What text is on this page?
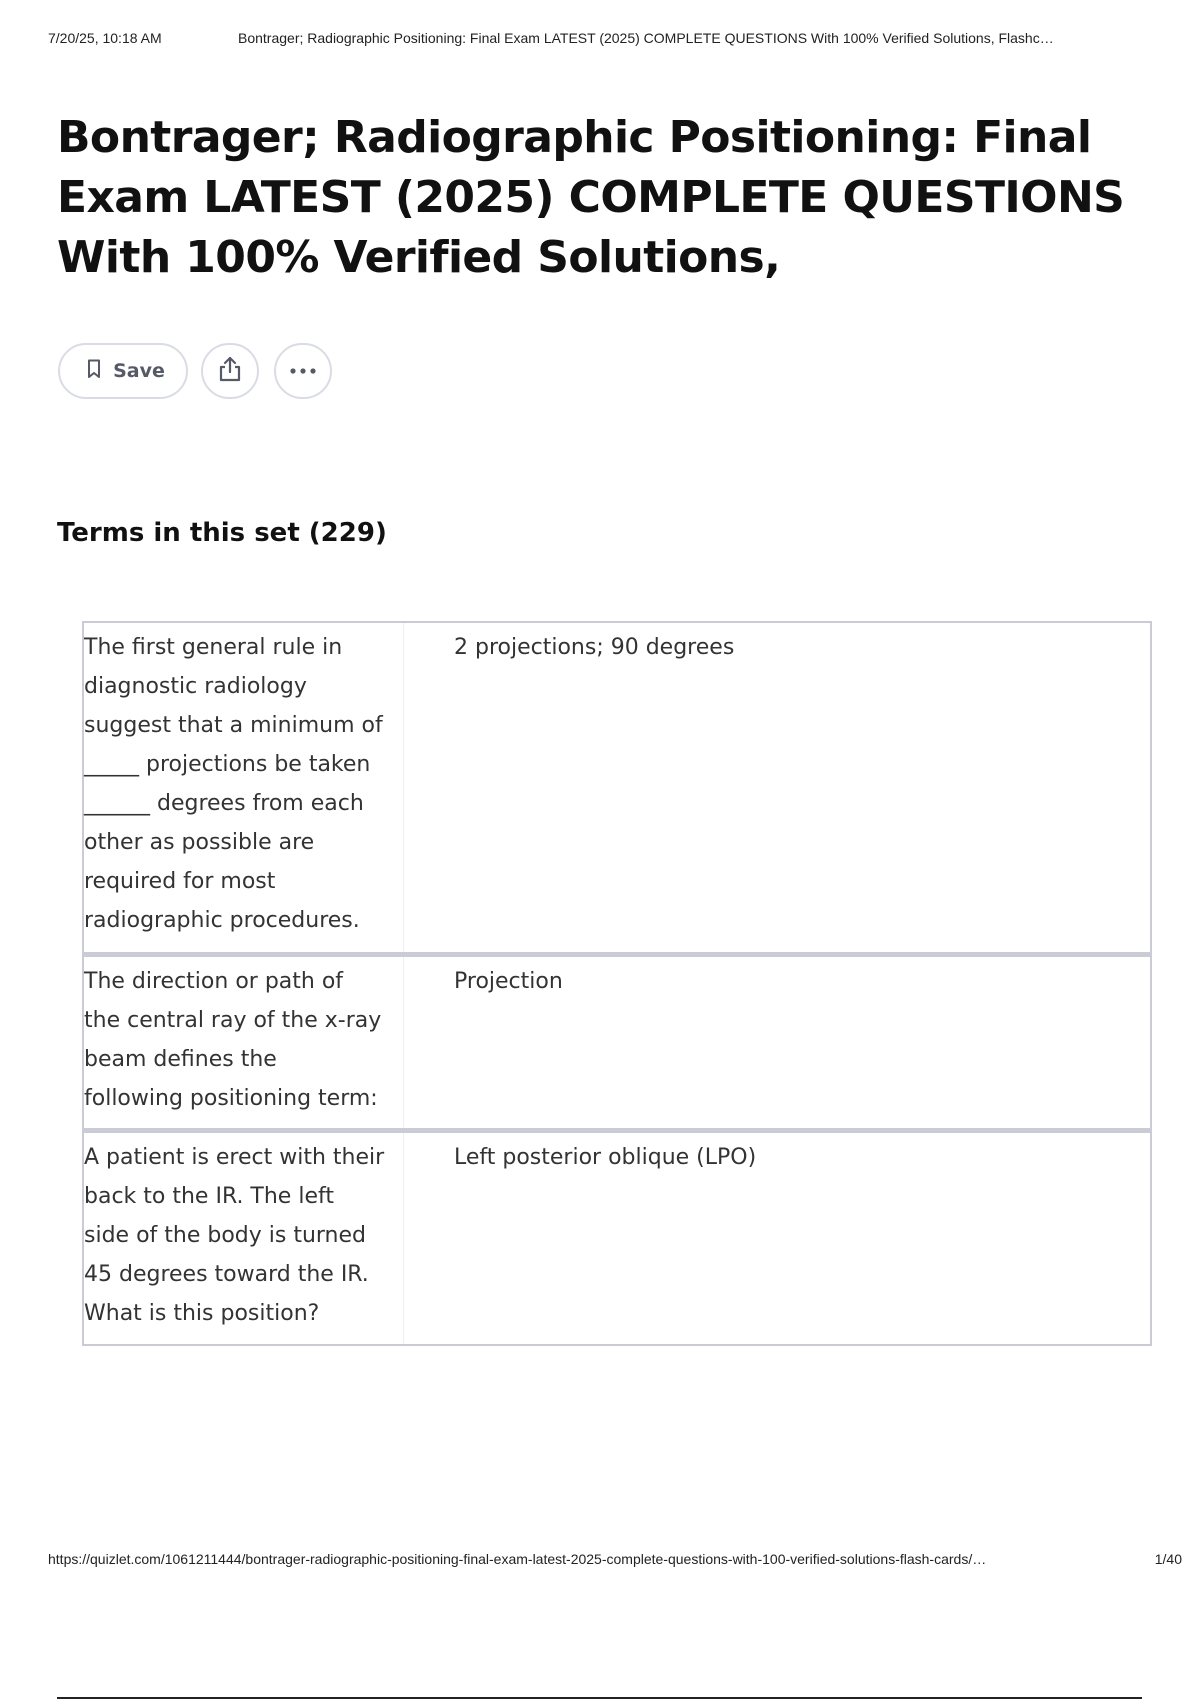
7/20/25, 10:18 AM	Bontrager; Radiographic Positioning: Final Exam LATEST (2025) COMPLETE QUESTIONS With 100% Verified Solutions, Flashc…
Bontrager; Radiographic Positioning: Final Exam LATEST (2025) COMPLETE QUESTIONS With 100% Verified Solutions,
Save
Terms in this set (229)
The first general rule in
diagnostic radiology
suggest that a minimum of
_____ projections be taken
______ degrees from each
other as possible are
required for most
radiographic procedures.
2 projections; 90 degrees
The direction or path of
the central ray of the x-ray
beam defines the
following positioning term:
Projection
A patient is erect with their
back to the IR. The left
side of the body is turned
45 degrees toward the IR.
What is this position?
Left posterior oblique (LPO)
https://quizlet.com/1061211444/bontrager-radiographic-positioning-final-exam-latest-2025-complete-questions-with-100-verified-solutions-flash-cards/…	1/40
